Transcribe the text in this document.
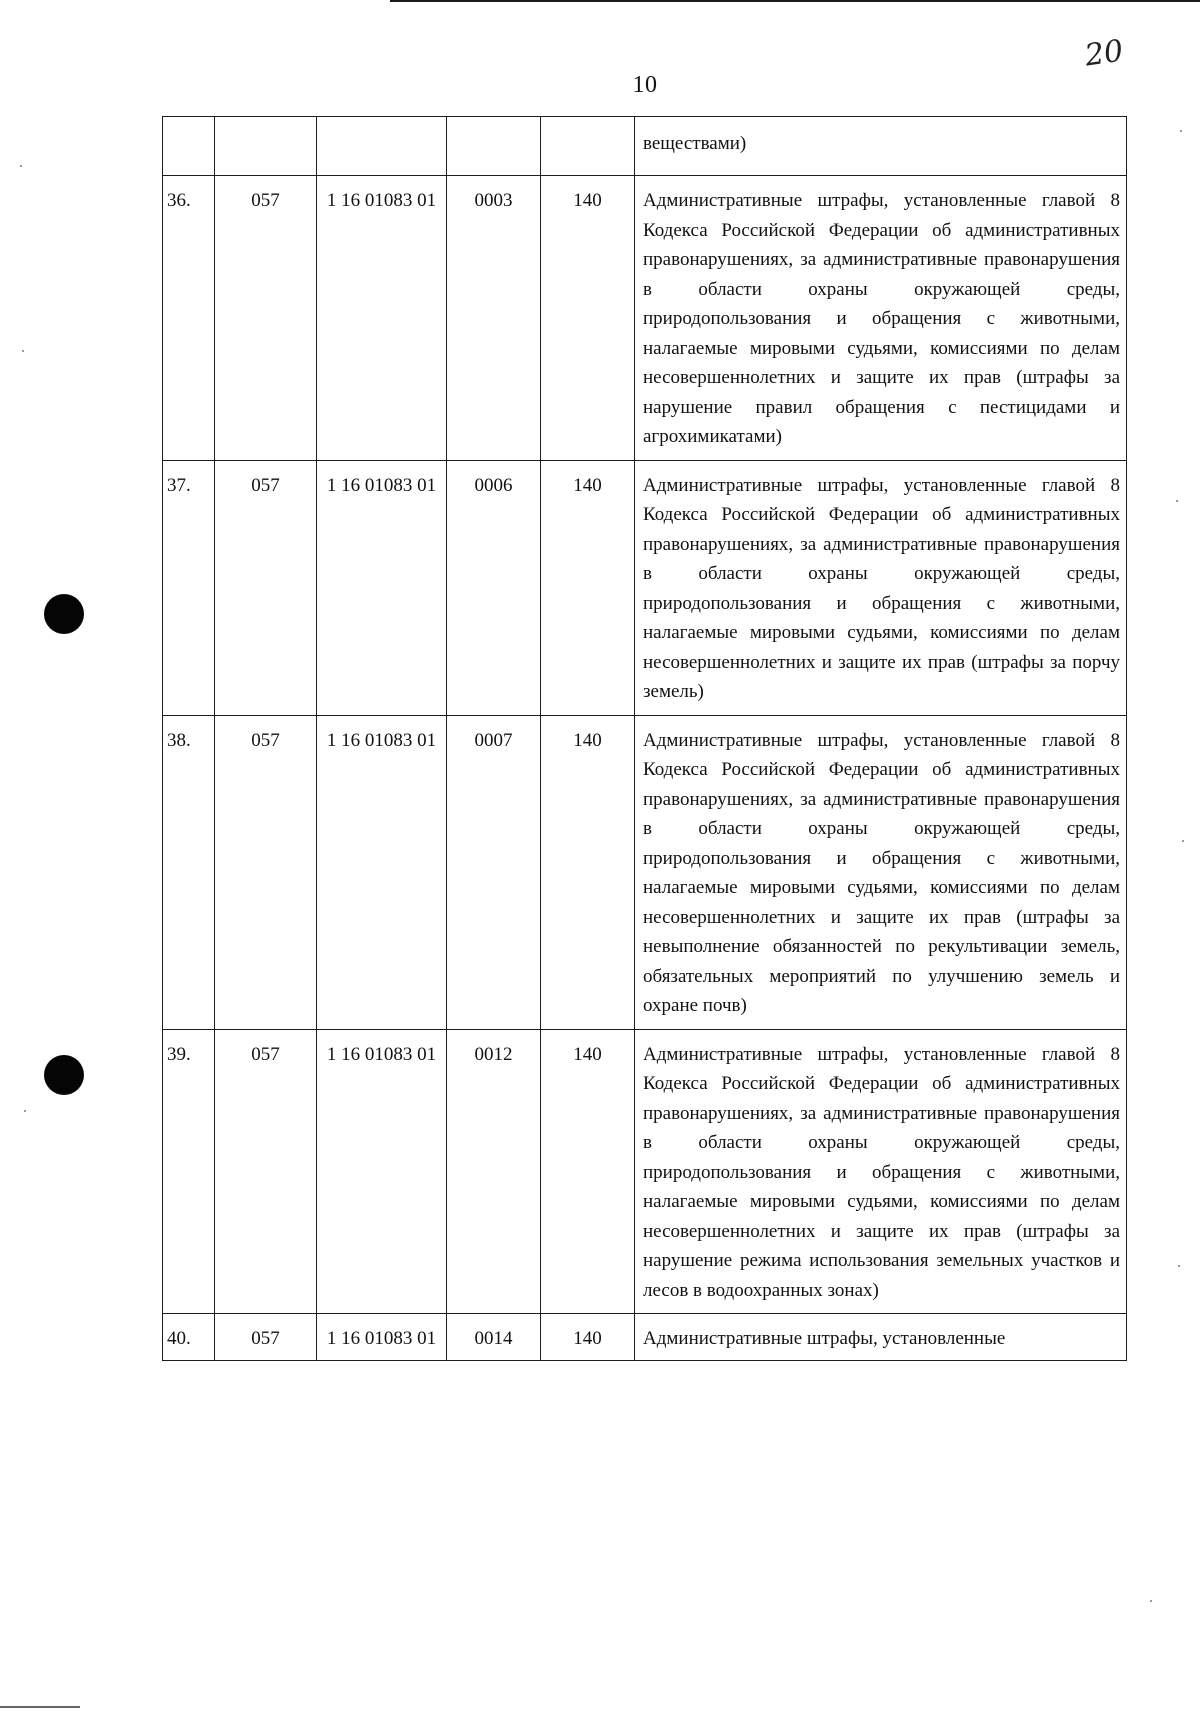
20
10
					веществами)
36.	057	1 16 01083 01	0003	140	Административные штрафы, установленные главой 8 Кодекса Российской Федерации об административных правонарушениях, за административные правонарушения в области охраны окружающей среды, природопользования и обращения с животными, налагаемые мировыми судьями, комиссиями по делам несовершеннолетних и защите их прав (штрафы за нарушение правил обращения с пестицидами и агрохимикатами)
37.	057	1 16 01083 01	0006	140	Административные штрафы, установленные главой 8 Кодекса Российской Федерации об административных правонарушениях, за административные правонарушения в области охраны окружающей среды, природопользования и обращения с животными, налагаемые мировыми судьями, комиссиями по делам несовершеннолетних и защите их прав (штрафы за порчу земель)
38.	057	1 16 01083 01	0007	140	Административные штрафы, установленные главой 8 Кодекса Российской Федерации об административных правонарушениях, за административные правонарушения в области охраны окружающей среды, природопользования и обращения с животными, налагаемые мировыми судьями, комиссиями по делам несовершеннолетних и защите их прав (штрафы за невыполнение обязанностей по рекультивации земель, обязательных мероприятий по улучшению земель и охране почв)
39.	057	1 16 01083 01	0012	140	Административные штрафы, установленные главой 8 Кодекса Российской Федерации об административных правонарушениях, за административные правонарушения в области охраны окружающей среды, природопользования и обращения с животными, налагаемые мировыми судьями, комиссиями по делам несовершеннолетних и защите их прав (штрафы за нарушение режима использования земельных участков и лесов в водоохранных зонах)
40.	057	1 16 01083 01	0014	140	Административные штрафы, установленные
